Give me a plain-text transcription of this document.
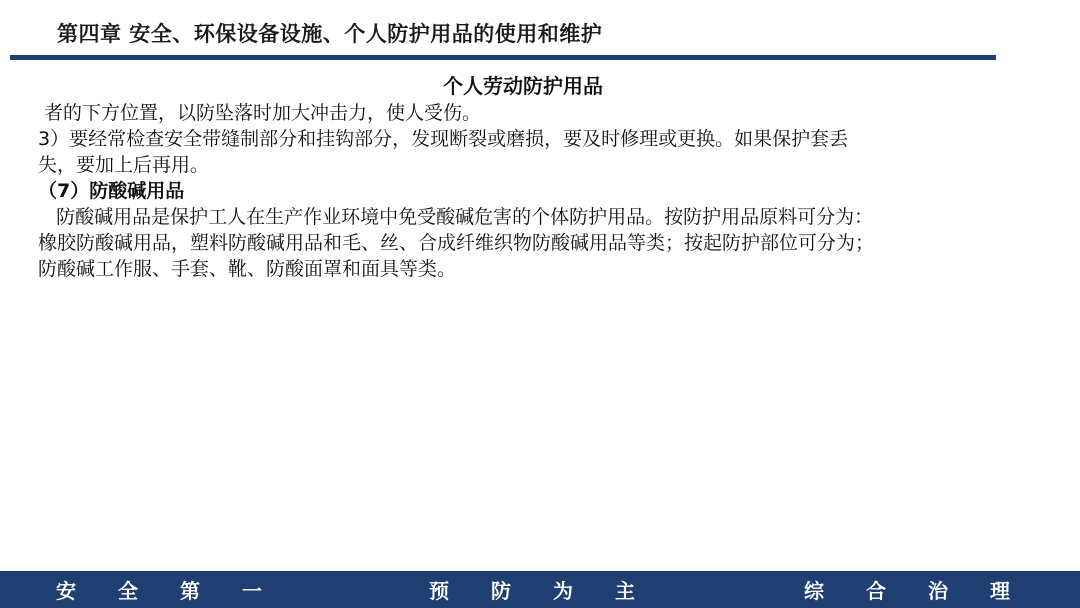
第四章 安全、环保设备设施、个人防护用品的使用和维护
个人劳动防护用品

者的下方位置，以防坠落时加大冲击力，使人受伤。

3）要经常检查安全带缝制部分和挂钩部分，发现断裂或磨损，要及时修理或更换。如果保护套丢

失，要加上后再用。

（7）防酸碱用品

防酸碱用品是保护工人在生产作业环境中免受酸碱危害的个体防护用品。按防护用品原料可分为：

橡胶防酸碱用品，塑料防酸碱用品和毛、丝、合成纤维织物防酸碱用品等类；按起防护部位可分为；

防酸碱工作服、手套、靴、防酸面罩和面具等类。

安	全	第	一	预	防	为	主	综	合	治	理
